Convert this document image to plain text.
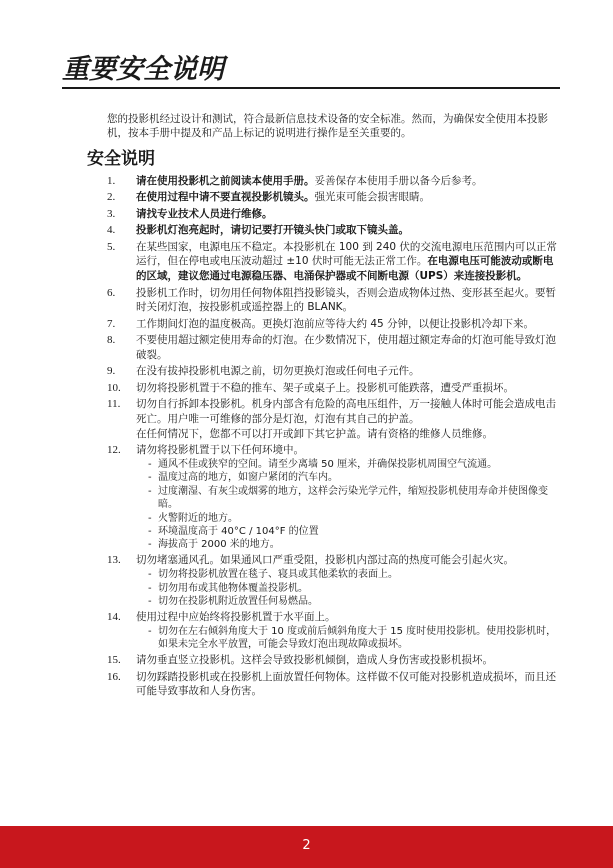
重要安全说明

您的投影机经过设计和测试，符合最新信息技术设备的安全标准。然而，为确保安全使用本投影机，按本手册中提及和产品上标记的说明进行操作是至关重要的。

安全说明
1. 请在使用投影机之前阅读本使用手册。妥善保存本使用手册以备今后参考。
2. 在使用过程中请不要直视投影机镜头。强光束可能会损害眼睛。
3. 请找专业技术人员进行维修。
4. 投影机灯泡亮起时，请切记要打开镜头快门或取下镜头盖。
5. 在某些国家，电源电压不稳定。本投影机在 100 到 240 伏的交流电源电压范围内可以正常运行，但在停电或电压波动超过 ±10 伏时可能无法正常工作。在电源电压可能波动或断电的区域，建议您通过电源稳压器、电涌保护器或不间断电源（UPS）来连接投影机。
6. 投影机工作时，切勿用任何物体阻挡投影镜头，否则会造成物体过热、变形甚至起火。要暂时关闭灯泡，按投影机或遥控器上的 BLANK。
7. 工作期间灯泡的温度极高。更换灯泡前应等待大约 45 分钟，以便让投影机冷却下来。
8. 不要使用超过额定使用寿命的灯泡。在少数情况下，使用超过额定寿命的灯泡可能导致灯泡破裂。
9. 在没有拔掉投影机电源之前，切勿更换灯泡或任何电子元件。
10. 切勿将投影机置于不稳的推车、架子或桌子上。投影机可能跌落，遭受严重损坏。
11. 切勿自行拆卸本投影机。机身内部含有危险的高电压组件，万一接触人体时可能会造成电击死亡。用户唯一可维修的部分是灯泡，灯泡有其自己的护盖。
在任何情况下，您都不可以打开或卸下其它护盖。请有资格的维修人员维修。
12. 请勿将投影机置于以下任何环境中。
- 通风不佳或狭窄的空间。请至少离墙 50 厘米，并确保投影机周围空气流通。
- 温度过高的地方，如窗户紧闭的汽车内。
- 过度潮湿、有灰尘或烟雾的地方，这样会污染光学元件，缩短投影机使用寿命并使图像变暗。
- 火警附近的地方。
- 环境温度高于 40°C / 104°F 的位置
- 海拔高于 2000 米的地方。
13. 切勿堵塞通风孔。如果通风口严重受阻，投影机内部过高的热度可能会引起火灾。
- 切勿将投影机放置在毯子、寝具或其他柔软的表面上。
- 切勿用布或其他物体覆盖投影机。
- 切勿在投影机附近放置任何易燃品。
14. 使用过程中应始终将投影机置于水平面上。
- 切勿在左右倾斜角度大于 10 度或前后倾斜角度大于 15 度时使用投影机。使用投影机时，如果未完全水平放置，可能会导致灯泡出现故障或损坏。
15. 请勿垂直竖立投影机。这样会导致投影机倾倒，造成人身伤害或投影机损坏。
16. 切勿踩踏投影机或在投影机上面放置任何物体。这样做不仅可能对投影机造成损坏，而且还可能导致事故和人身伤害。
2
